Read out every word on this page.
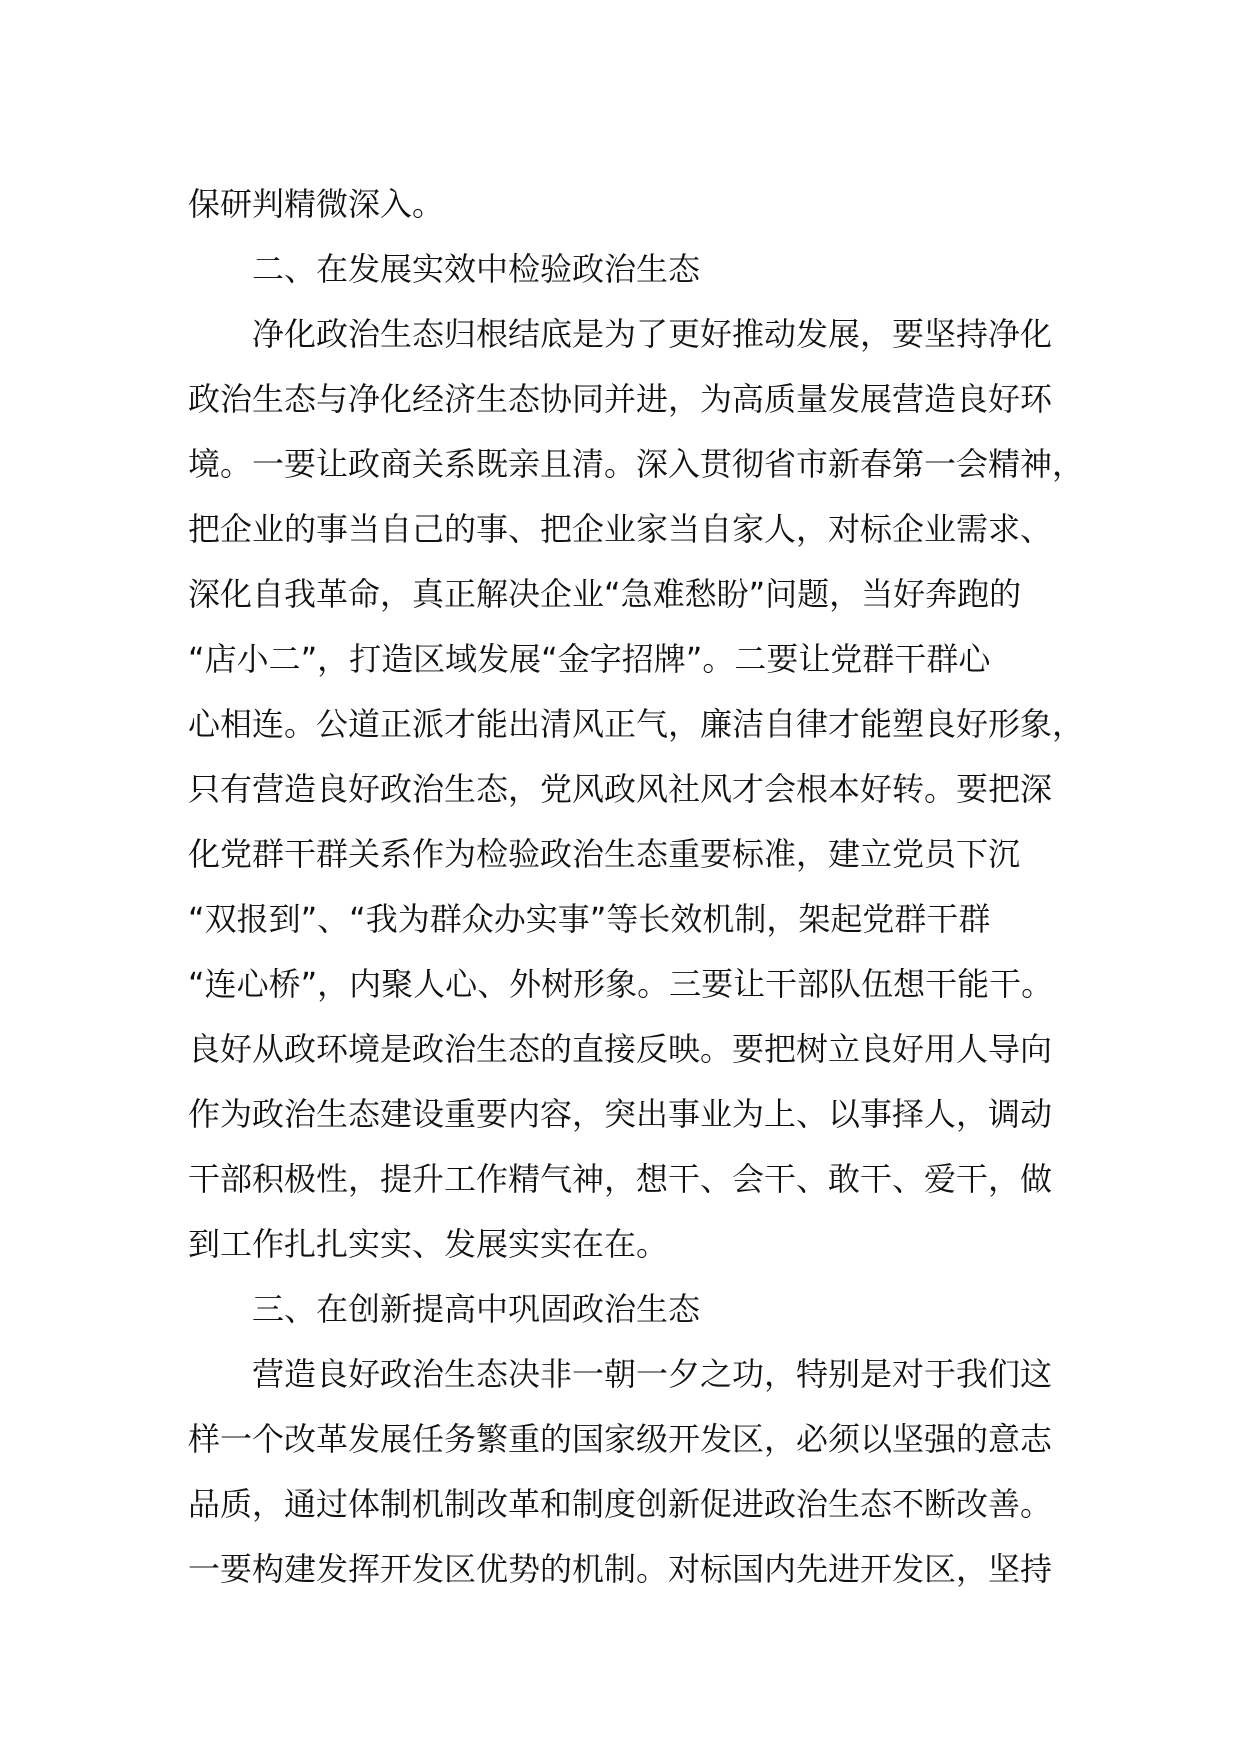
保研判精微深入。
二、在发展实效中检验政治生态
净化政治生态归根结底是为了更好推动发展，要坚持净化
政治生态与净化经济生态协同并进，为高质量发展营造良好环
境。一要让政商关系既亲且清。深入贯彻省市新春第一会精神，
把企业的事当自己的事、把企业家当自家人，对标企业需求、
深化自我革命，真正解决企业“急难愁盼”问题，当好奔跑的
“店小二”，打造区域发展“金字招牌”。二要让党群干群心
心相连。公道正派才能出清风正气，廉洁自律才能塑良好形象，
只有营造良好政治生态，党风政风社风才会根本好转。要把深
化党群干群关系作为检验政治生态重要标准，建立党员下沉
“双报到”、“我为群众办实事”等长效机制，架起党群干群
“连心桥”，内聚人心、外树形象。三要让干部队伍想干能干。
良好从政环境是政治生态的直接反映。要把树立良好用人导向
作为政治生态建设重要内容，突出事业为上、以事择人，调动
干部积极性，提升工作精气神，想干、会干、敢干、爱干，做
到工作扎扎实实、发展实实在在。
三、在创新提高中巩固政治生态
营造良好政治生态决非一朝一夕之功，特别是对于我们这
样一个改革发展任务繁重的国家级开发区，必须以坚强的意志
品质，通过体制机制改革和制度创新促进政治生态不断改善。
一要构建发挥开发区优势的机制。对标国内先进开发区，坚持
